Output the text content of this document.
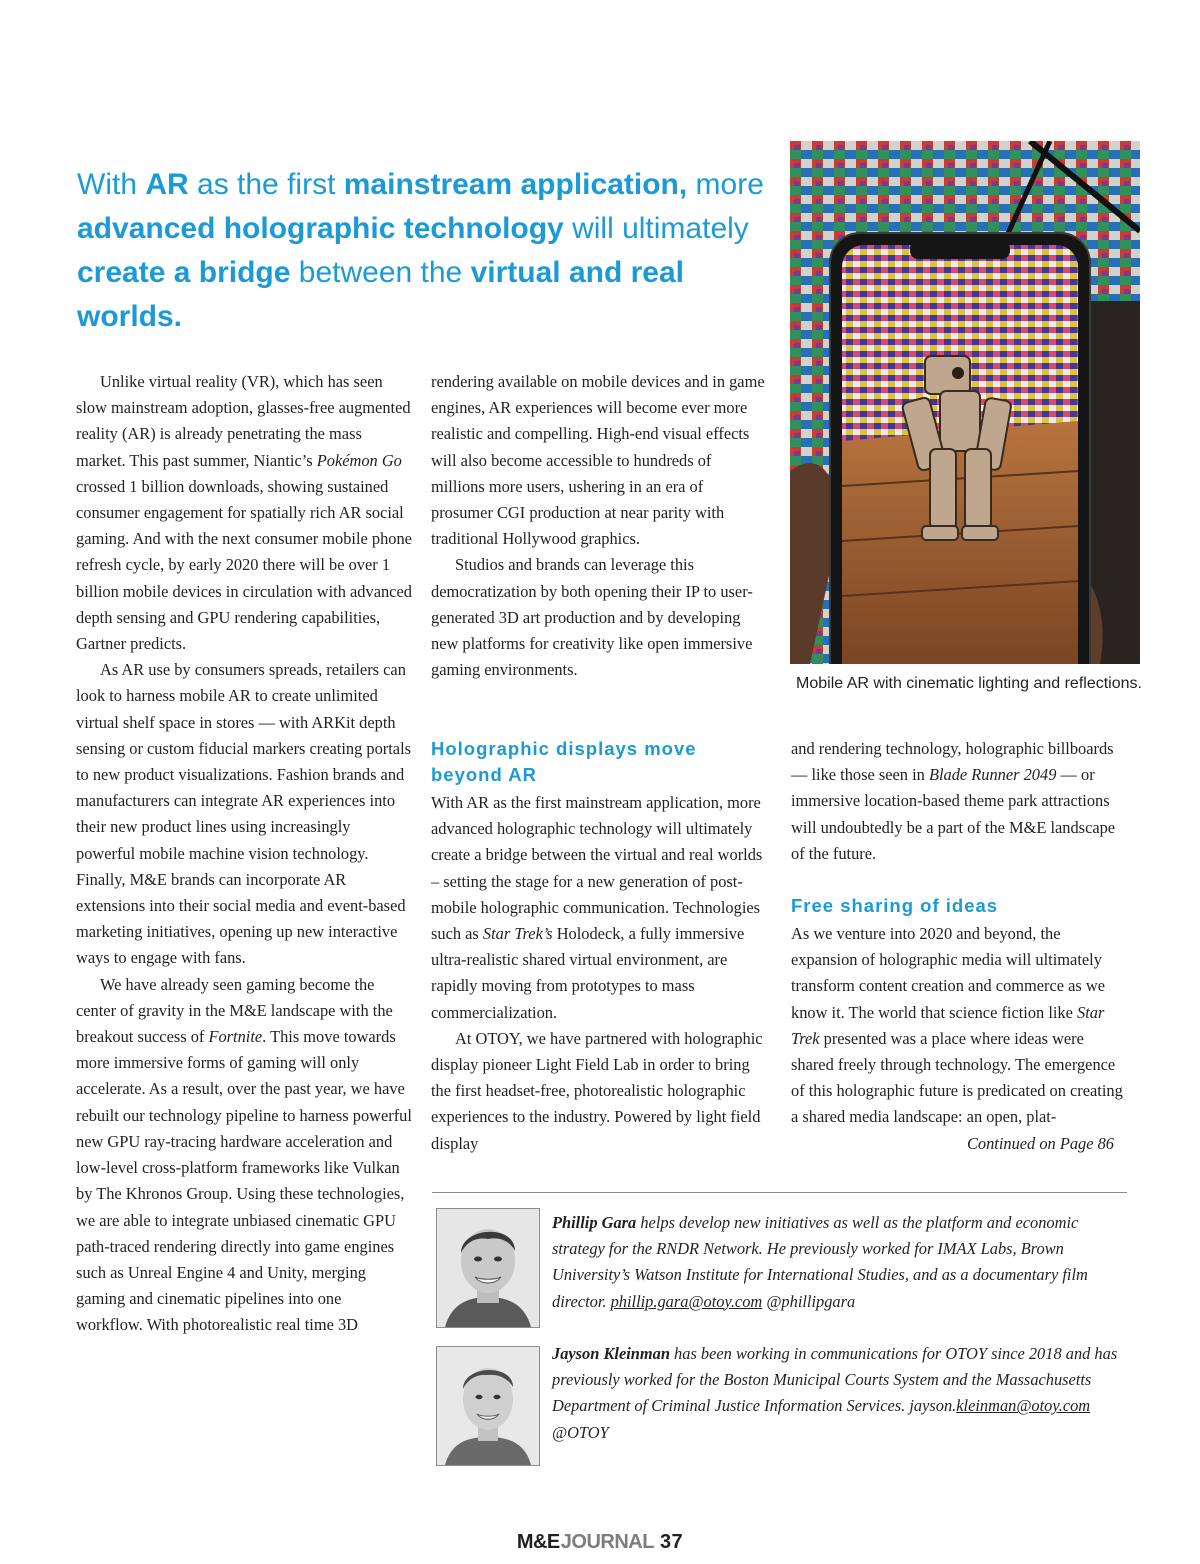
With AR as the first mainstream application, more advanced holographic technology will ultimately create a bridge between the virtual and real worlds.

Mobile AR with cinematic lighting and reflections.

Unlike virtual reality (VR), which has seen slow mainstream adoption, glasses-free augmented reality (AR) is already penetrating the mass market. This past summer, Niantic’s Pokémon Go crossed 1 billion downloads, showing sustained consumer engagement for spatially rich AR social gaming. And with the next consumer mobile phone refresh cycle, by early 2020 there will be over 1 billion mobile devices in circulation with advanced depth sensing and GPU rendering capabilities, Gartner predicts.

As AR use by consumers spreads, retailers can look to harness mobile AR to create unlimited virtual shelf space in stores — with ARKit depth sensing or custom fiducial markers creating portals to new product visualizations. Fashion brands and manufacturers can integrate AR experiences into their new product lines using increasingly powerful mobile machine vision technology. Finally, M&E brands can incorporate AR extensions into their social media and event-based marketing initiatives, opening up new interactive ways to engage with fans.

We have already seen gaming become the center of gravity in the M&E landscape with the breakout success of Fortnite. This move towards more immersive forms of gaming will only accelerate. As a result, over the past year, we have rebuilt our technology pipeline to harness powerful new GPU ray-tracing hardware acceleration and low-level cross-platform frameworks like Vulkan by The Khronos Group. Using these technologies, we are able to integrate unbiased cinematic GPU path-traced rendering directly into game engines such as Unreal Engine 4 and Unity, merging gaming and cinematic pipelines into one workflow. With photorealistic real time 3D

rendering available on mobile devices and in game engines, AR experiences will become ever more realistic and compelling. High-end visual effects will also become accessible to hundreds of millions more users, ushering in an era of prosumer CGI production at near parity with traditional Hollywood graphics.

Studios and brands can leverage this democratization by both opening their IP to user-generated 3D art production and by developing new platforms for creativity like open immersive gaming environments.

Holographic displays move beyond AR

With AR as the first mainstream application, more advanced holographic technology will ultimately create a bridge between the virtual and real worlds – setting the stage for a new generation of post-mobile holographic communication. Technologies such as Star Trek’s Holodeck, a fully immersive ultra-realistic shared virtual environment, are rapidly moving from prototypes to mass commercialization.

At OTOY, we have partnered with holographic display pioneer Light Field Lab in order to bring the first headset-free, photorealistic holographic experiences to the industry. Powered by light field display

and rendering technology, holographic billboards — like those seen in Blade Runner 2049 — or immersive location-based theme park attractions will undoubtedly be a part of the M&E landscape of the future.

Free sharing of ideas

As we venture into 2020 and beyond, the expansion of holographic media will ultimately transform content creation and commerce as we know it. The world that science fiction like Star Trek presented was a place where ideas were shared freely through technology. The emergence of this holographic future is predicated on creating a shared media landscape: an open, plat-

Continued on Page 86

Phillip Gara helps develop new initiatives as well as the platform and economic strategy for the RNDR Network. He previously worked for IMAX Labs, Brown University’s Watson Institute for International Studies, and as a documentary film director. phillip.gara@otoy.com @phillipgara

Jayson Kleinman has been working in communications for OTOY since 2018 and has previously worked for the Boston Municipal Courts System and the Massachusetts Department of Criminal Justice Information Services. jayson.kleinman@otoy.com @OTOY

M&EJOURNAL 37
